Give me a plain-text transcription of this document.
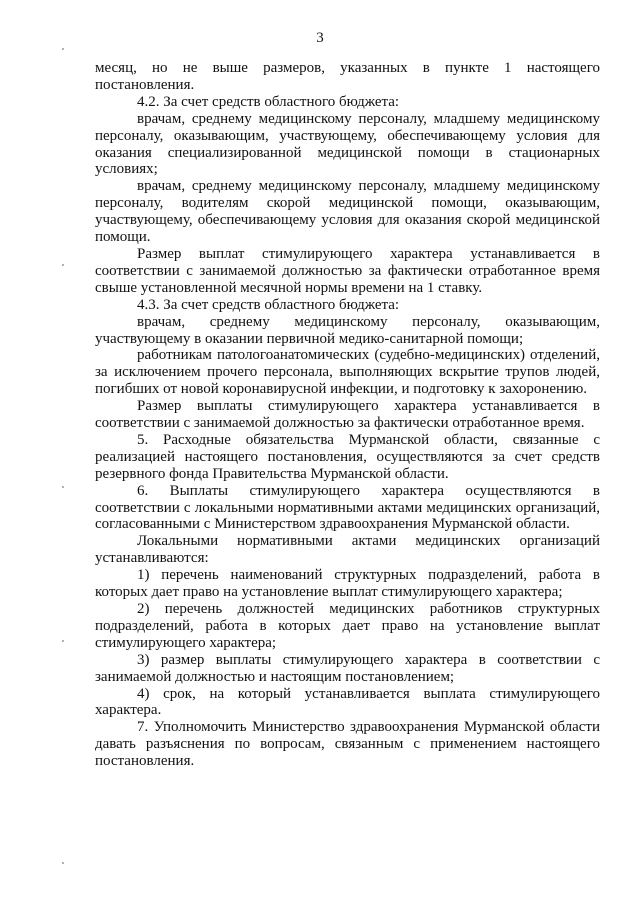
3

месяц, но не выше размеров, указанных в пункте 1 настоящего постановления.

4.2. За счет средств областного бюджета:

врачам, среднему медицинскому персоналу, младшему медицинскому персоналу, оказывающим, участвующему, обеспечивающему условия для оказания специализированной медицинской помощи в стационарных условиях;

врачам, среднему медицинскому персоналу, младшему медицинскому персоналу, водителям скорой медицинской помощи, оказывающим, участвующему, обеспечивающему условия для оказания скорой медицинской помощи.

Размер выплат стимулирующего характера устанавливается в соответствии с занимаемой должностью за фактически отработанное время свыше установленной месячной нормы времени на 1 ставку.

4.3. За счет средств областного бюджета:

врачам, среднему медицинскому персоналу, оказывающим, участвующему в оказании первичной медико-санитарной помощи;

работникам патологоанатомических (судебно-медицинских) отделений, за исключением прочего персонала, выполняющих вскрытие трупов людей, погибших от новой коронавирусной инфекции, и подготовку к захоронению.

Размер выплаты стимулирующего характера устанавливается в соответствии с занимаемой должностью за фактически отработанное время.

5. Расходные обязательства Мурманской области, связанные с реализацией настоящего постановления, осуществляются за счет средств резервного фонда Правительства Мурманской области.

6. Выплаты стимулирующего характера осуществляются в соответствии с локальными нормативными актами медицинских организаций, согласованными с Министерством здравоохранения Мурманской области.

Локальными нормативными актами медицинских организаций устанавливаются:

1) перечень наименований структурных подразделений, работа в которых дает право на установление выплат стимулирующего характера;

2) перечень должностей медицинских работников структурных подразделений, работа в которых дает право на установление выплат стимулирующего характера;

3) размер выплаты стимулирующего характера в соответствии с занимаемой должностью и настоящим постановлением;

4) срок, на который устанавливается выплата стимулирующего характера.

7. Уполномочить Министерство здравоохранения Мурманской области давать разъяснения по вопросам, связанным с применением настоящего постановления.
